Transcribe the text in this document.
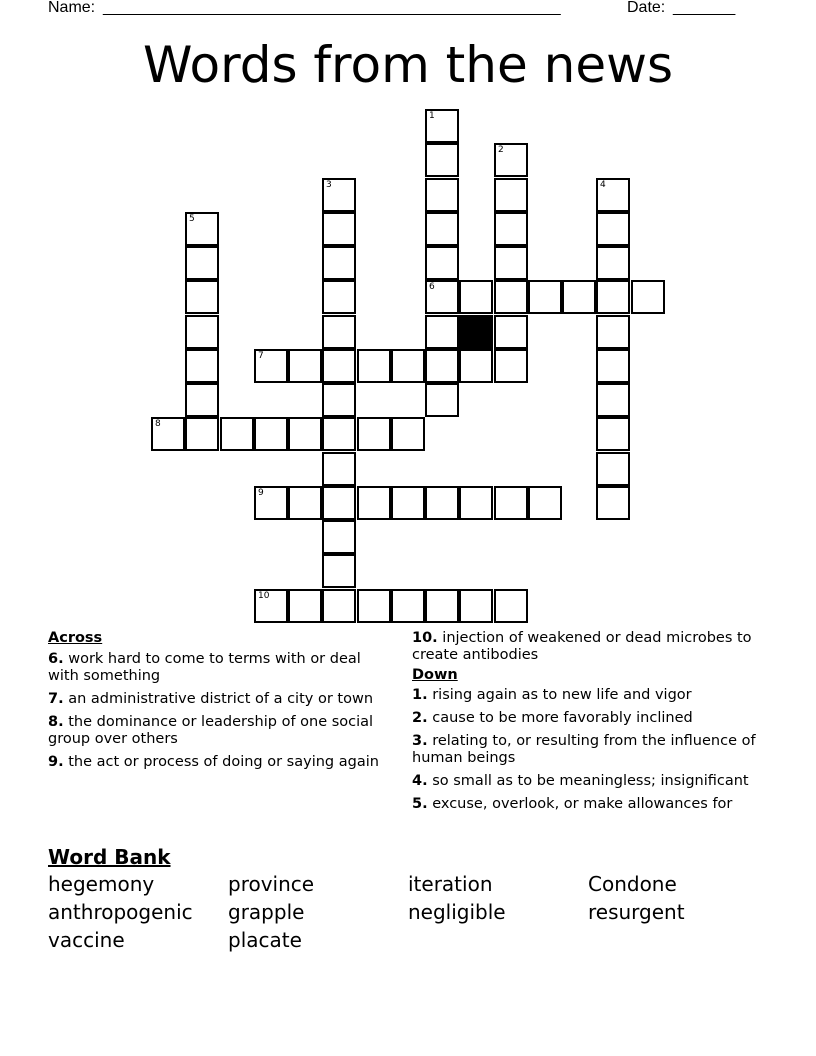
Name: ____________________________________________________	Date: _______
Words from the news
1
6
2
3	4
5
7
8
9
10
Across
6. work hard to come to terms with or deal with something
7. an administrative district of a city or town
8. the dominance or leadership of one social group over others
9. the act or process of doing or saying again
10. injection of weakened or dead microbes to create antibodies
Down
1. rising again as to new life and vigor
2. cause to be more favorably inclined
3. relating to, or resulting from the influence of human beings
4. so small as to be meaningless; insignificant
5. excuse, overlook, or make allowances for
Word Bank
hegemony	province	iteration	Condone
anthropogenic	grapple	negligible	resurgent
vaccine	placate
